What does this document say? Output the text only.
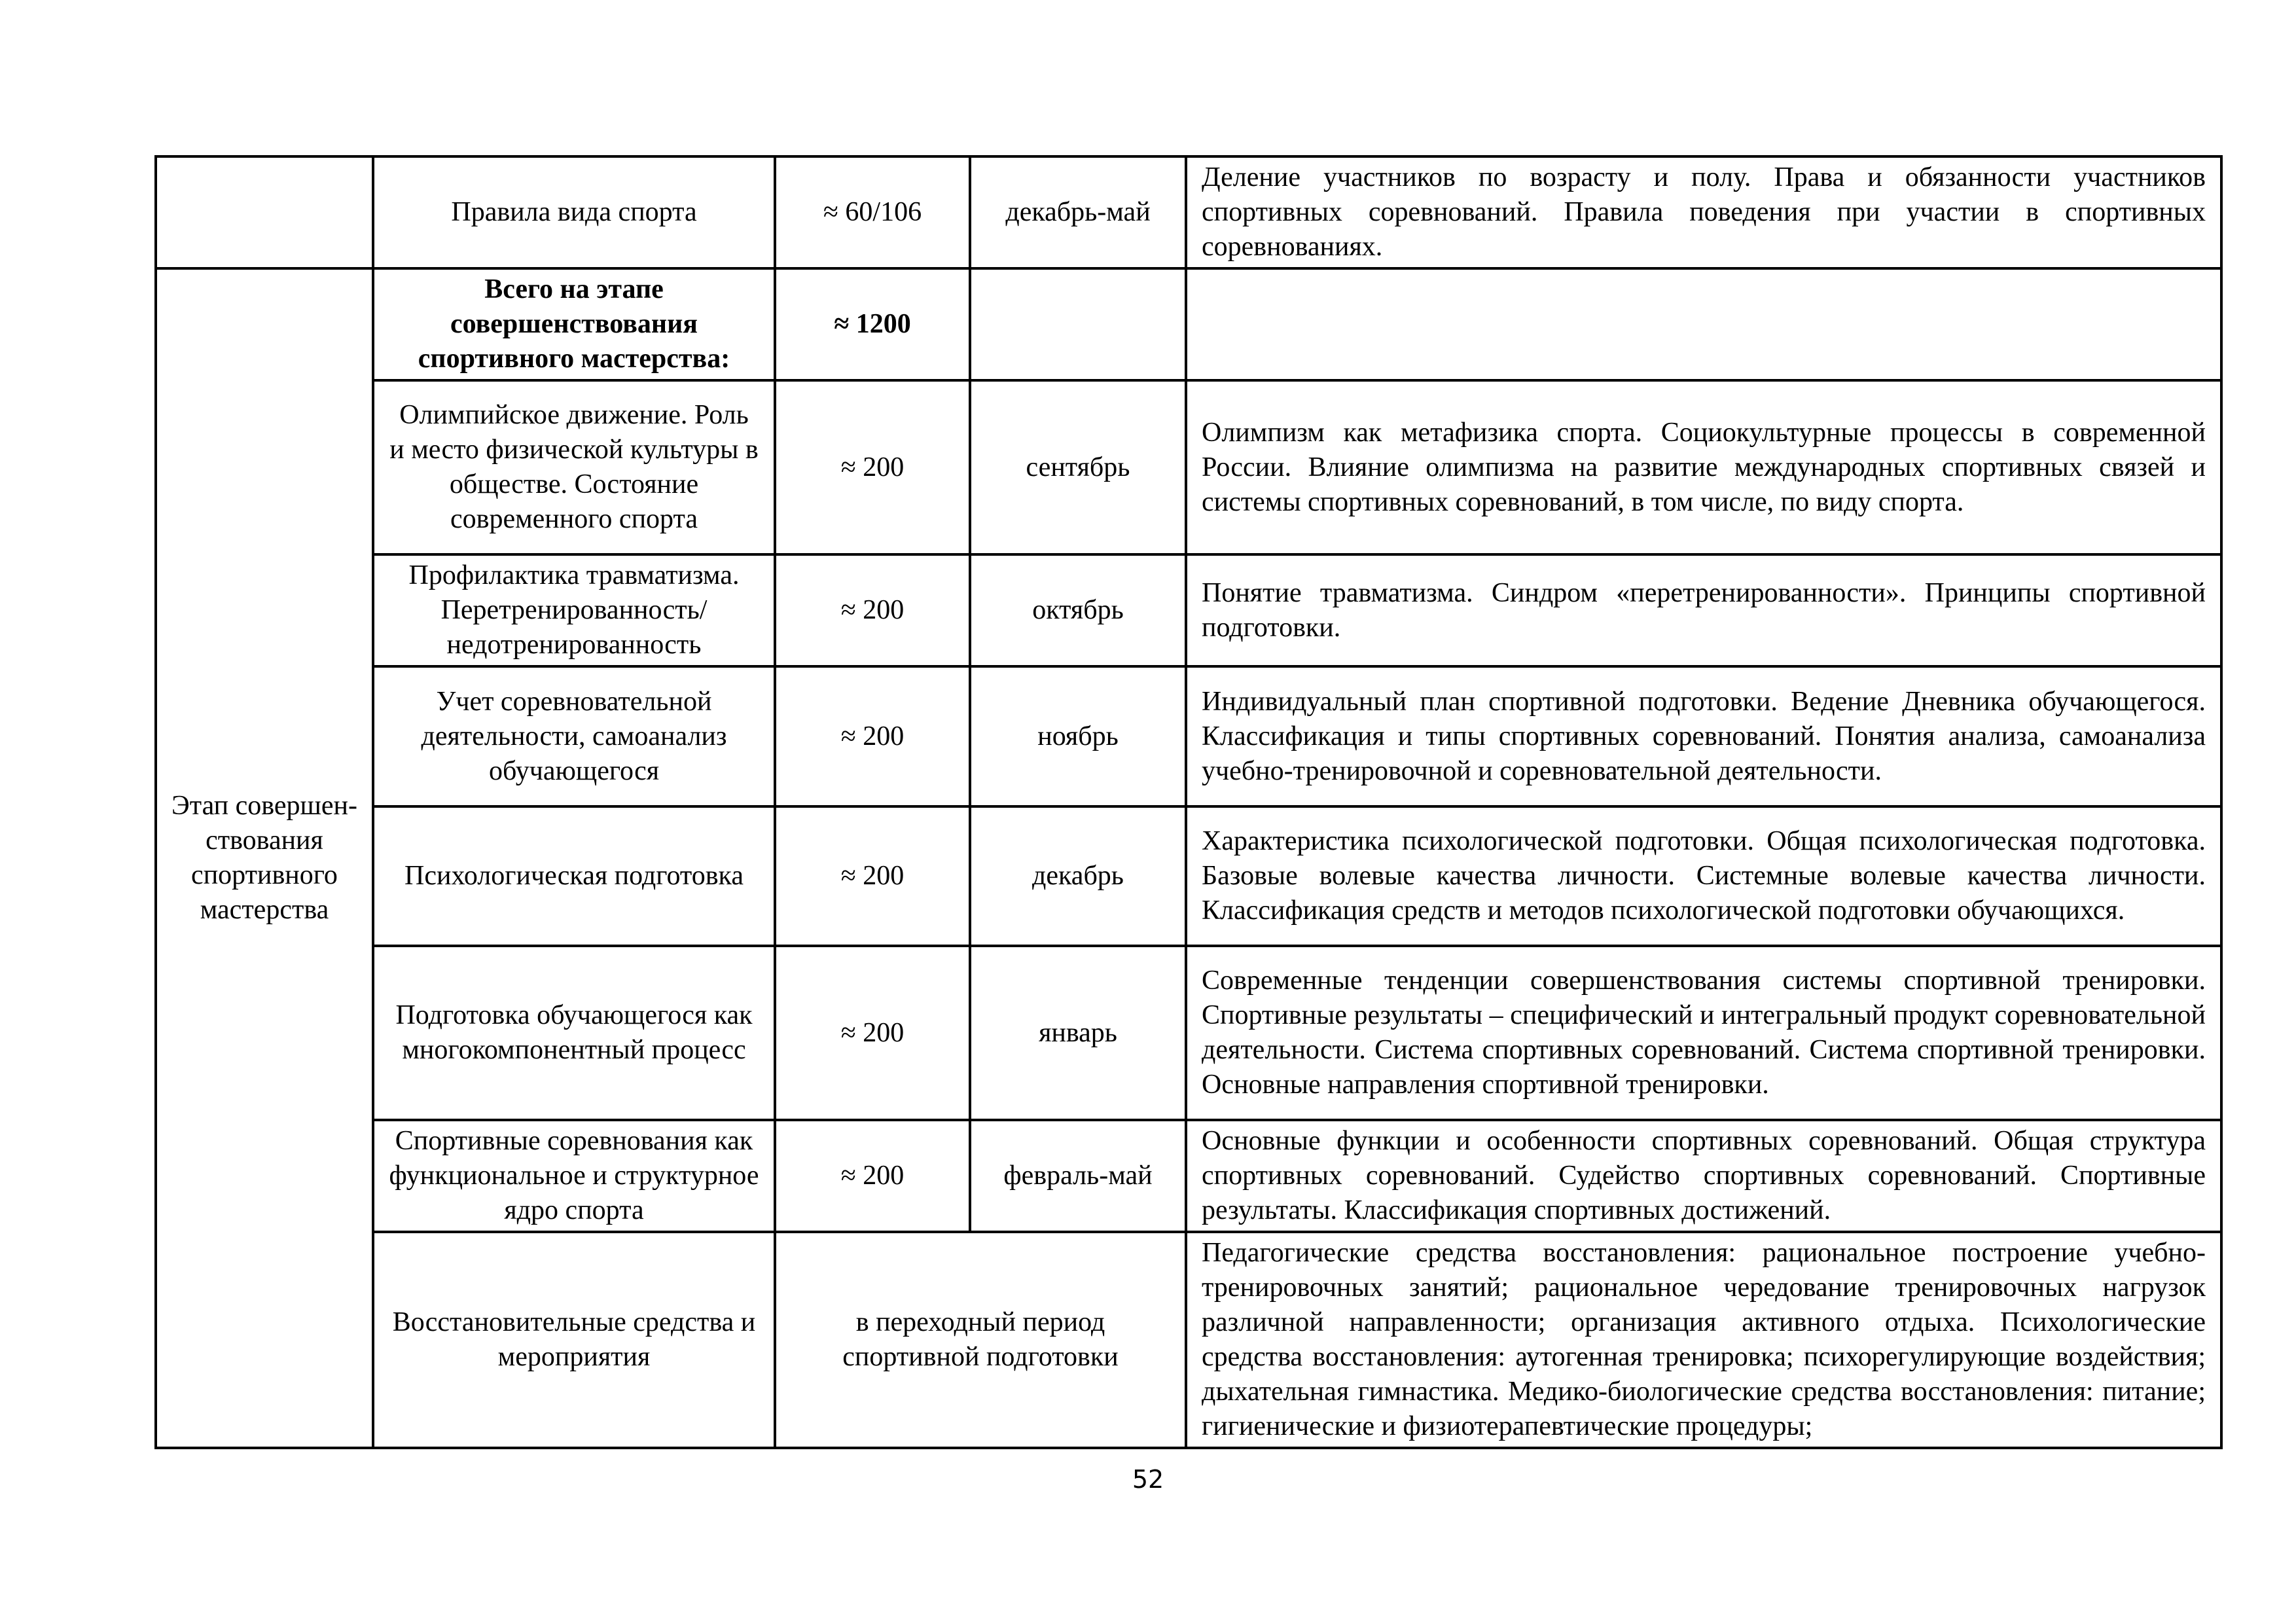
	Правила вида спорта	≈ 60/106	декабрь-май	Деление участников по возрасту и полу. Права и обязанности участников спортивных соревнований. Правила поведения при участии в спортивных соревнованиях.
Этап совершен-ствования спортивного мастерства	Всего на этапе совершенствования спортивного мастерства:	≈ 1200		
	Олимпийское движение. Роль и место физической культуры в обществе. Состояние современного спорта	≈ 200	сентябрь	Олимпизм как метафизика спорта. Социокультурные процессы в современной России. Влияние олимпизма на развитие международных спортивных связей и системы спортивных соревнований, в том числе, по виду спорта.
	Профилактика травматизма. Перетренированность/ недотренированность	≈ 200	октябрь	Понятие травматизма. Синдром «перетренированности». Принципы спортивной подготовки.
	Учет соревновательной деятельности, самоанализ обучающегося	≈ 200	ноябрь	Индивидуальный план спортивной подготовки. Ведение Дневника обучающегося. Классификация и типы спортивных соревнований. Понятия анализа, самоанализа учебно-тренировочной и соревновательной деятельности.
	Психологическая подготовка	≈ 200	декабрь	Характеристика психологической подготовки. Общая психологическая подготовка. Базовые волевые качества личности. Системные волевые качества личности. Классификация средств и методов психологической подготовки обучающихся.
	Подготовка обучающегося как многокомпонентный процесс	≈ 200	январь	Современные тенденции совершенствования системы спортивной тренировки. Спортивные результаты – специфический и интегральный продукт соревновательной деятельности. Система спортивных соревнований. Система спортивной тренировки. Основные направления спортивной тренировки.
	Спортивные соревнования как функциональное и структурное ядро спорта	≈ 200	февраль-май	Основные функции и особенности спортивных соревнований. Общая структура спортивных соревнований. Судейство спортивных соревнований. Спортивные результаты. Классификация спортивных достижений.
	Восстановительные средства и мероприятия	в переходный период спортивной подготовки		Педагогические средства восстановления: рациональное построение учебно-тренировочных занятий; рациональное чередование тренировочных нагрузок различной направленности; организация активного отдыха. Психологические средства восстановления: аутогенная тренировка; психорегулирующие воздействия; дыхательная гимнастика. Медико-биологические средства восстановления: питание; гигиенические и физиотерапевтические процедуры;
52
